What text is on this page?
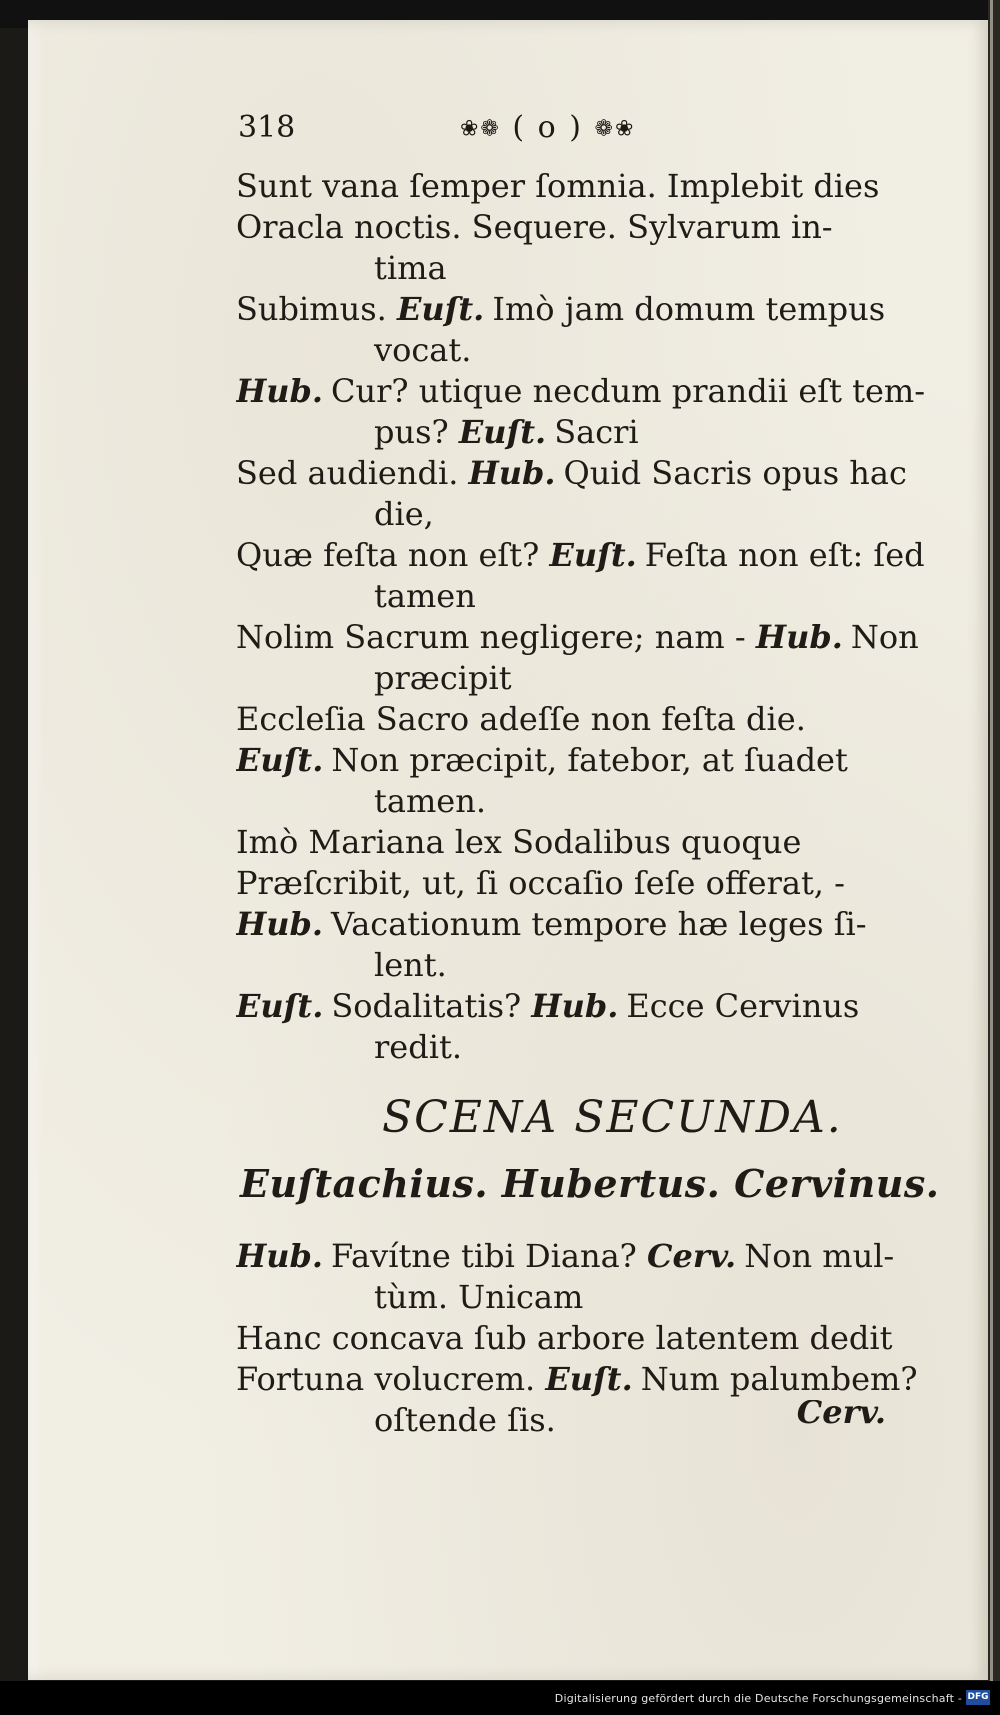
318	❀❁ ( o ) ❁❀
Sunt vana ſemper ſomnia. Implebit dies
Oracla noctis. Sequere. Sylvarum in-
tima
Subimus. Euſt. Imò jam domum tempus
vocat.
Hub. Cur? utique necdum prandii eſt tem-
pus? Euſt. Sacri
Sed audiendi. Hub. Quid Sacris opus hac
die,
Quæ feſta non eſt? Euſt. Feſta non eſt: ſed
tamen
Nolim Sacrum negligere; nam - Hub. Non
præcipit
Eccleſia Sacro adeſſe non feſta die.
Euſt. Non præcipit, fatebor, at ſuadet
tamen.
Imò Mariana lex Sodalibus quoque
Præſcribit, ut, ſi occaſio ſeſe offerat, -
Hub. Vacationum tempore hæ leges ſi-
lent.
Euſt. Sodalitatis? Hub. Ecce Cervinus
redit.
SCENA SECUNDA.
Euſtachius. Hubertus. Cervinus.
Hub. Favítne tibi Diana? Cerv. Non mul-
tùm. Unicam
Hanc concava ſub arbore latentem dedit
Fortuna volucrem. Euſt. Num palumbem?
oſtende ſis.	Cerv.
Digitalisierung gefördert durch die Deutsche Forschungsgemeinschaft - DFG
